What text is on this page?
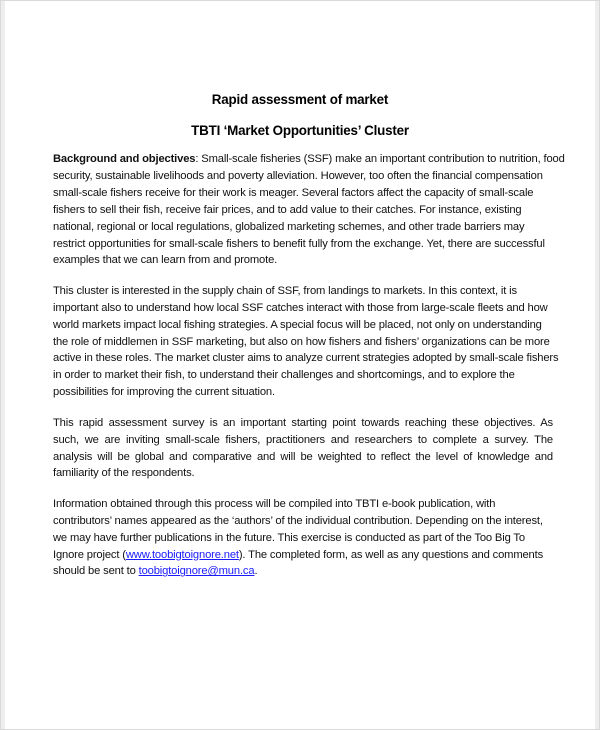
Rapid assessment of market
TBTI ‘Market Opportunities’ Cluster
Background and objectives: Small-scale fisheries (SSF) make an important contribution to nutrition, food
security, sustainable livelihoods and poverty alleviation. However, too often the financial compensation
small-scale fishers receive for their work is meager. Several factors affect the capacity of small-scale
fishers to sell their fish, receive fair prices, and to add value to their catches. For instance, existing
national, regional or local regulations, globalized marketing schemes, and other trade barriers may
restrict opportunities for small-scale fishers to benefit fully from the exchange. Yet, there are successful
examples that we can learn from and promote.
This cluster is interested in the supply chain of SSF, from landings to markets. In this context, it is
important also to understand how local SSF catches interact with those from large-scale fleets and how
world markets impact local fishing strategies. A special focus will be placed, not only on understanding
the role of middlemen in SSF marketing, but also on how fishers and fishers’ organizations can be more
active in these roles. The market cluster aims to analyze current strategies adopted by small-scale fishers
in order to market their fish, to understand their challenges and shortcomings, and to explore the
possibilities for improving the current situation.
This rapid assessment survey is an important starting point towards reaching these objectives. As
such, we are inviting small-scale fishers, practitioners and researchers to complete a survey. The
analysis will be global and comparative and will be weighted to reflect the level of knowledge and
familiarity of the respondents.
Information obtained through this process will be compiled into TBTI e-book publication, with
contributors’ names appeared as the ‘authors’ of the individual contribution. Depending on the interest,
we may have further publications in the future. This exercise is conducted as part of the Too Big To
Ignore project (www.toobigtoignore.net). The completed form, as well as any questions and comments
should be sent to toobigtoignore@mun.ca.
